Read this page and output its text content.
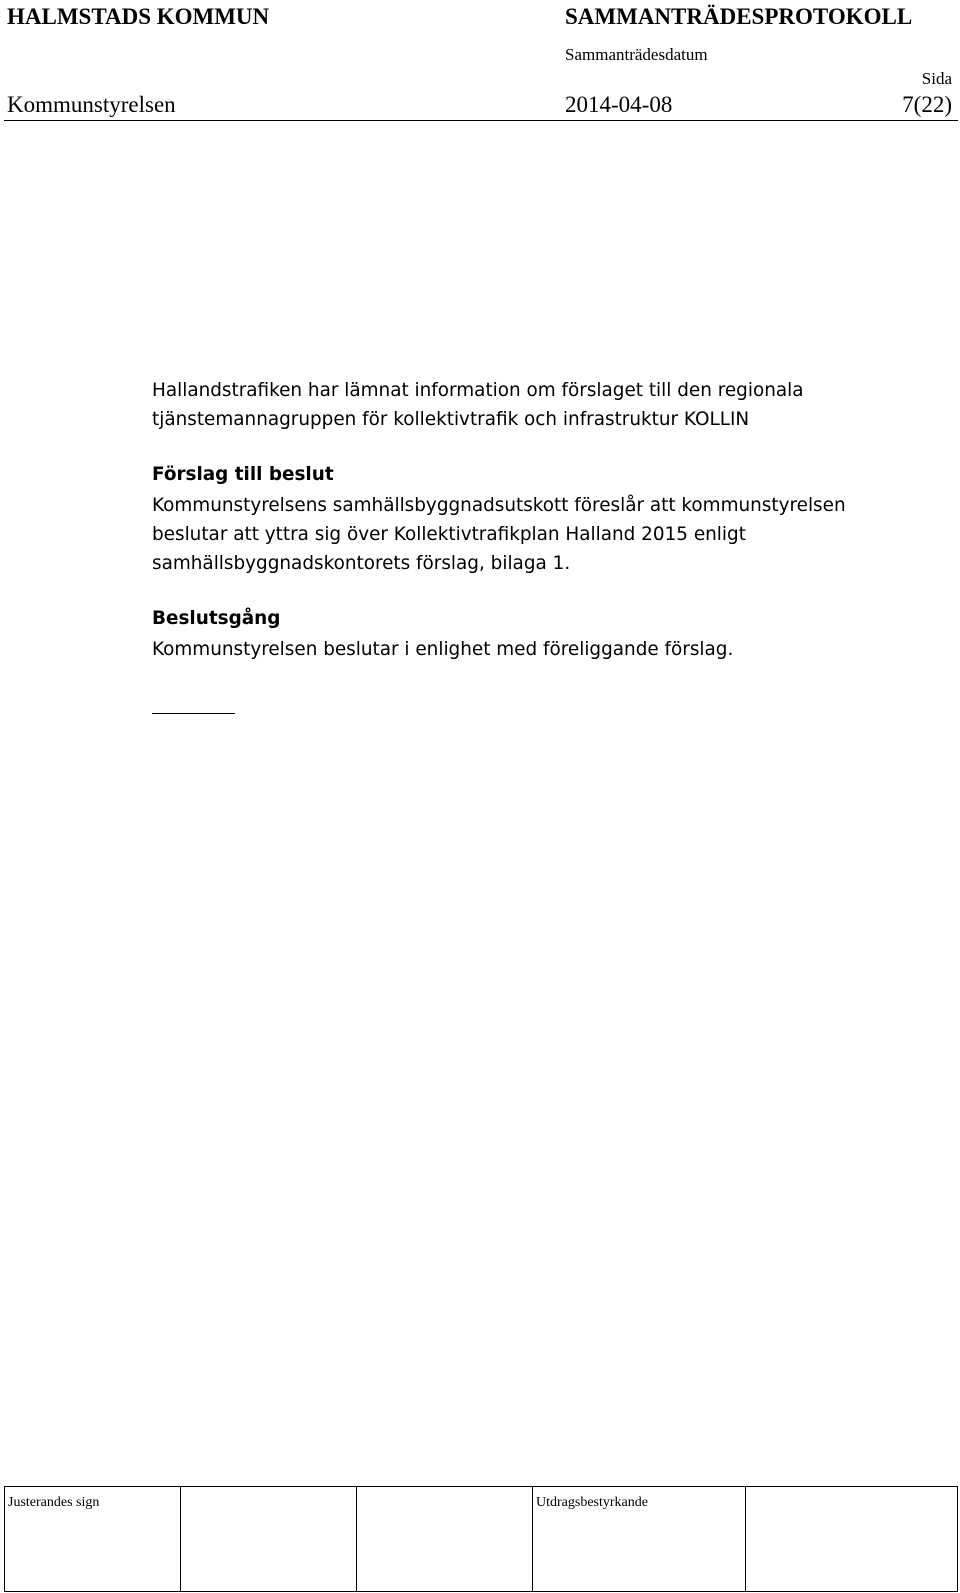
HALMSTADS KOMMUN	SAMMANTRÄDESPROTOKOLL
Sammanträdesdatum
Sida
Kommunstyrelsen	2014-04-08	7(22)
Hallandstrafiken har lämnat information om förslaget till den regionala
tjänstemannagruppen för kollektivtrafik och infrastruktur KOLLIN
Förslag till beslut
Kommunstyrelsens samhällsbyggnadsutskott föreslår att kommunstyrelsen
beslutar att yttra sig över Kollektivtrafikplan Halland 2015 enligt
samhällsbyggnadskontorets förslag, bilaga 1.
Beslutsgång
Kommunstyrelsen beslutar i enlighet med föreliggande förslag.
Justerandes sign			Utdragsbestyrkande	
